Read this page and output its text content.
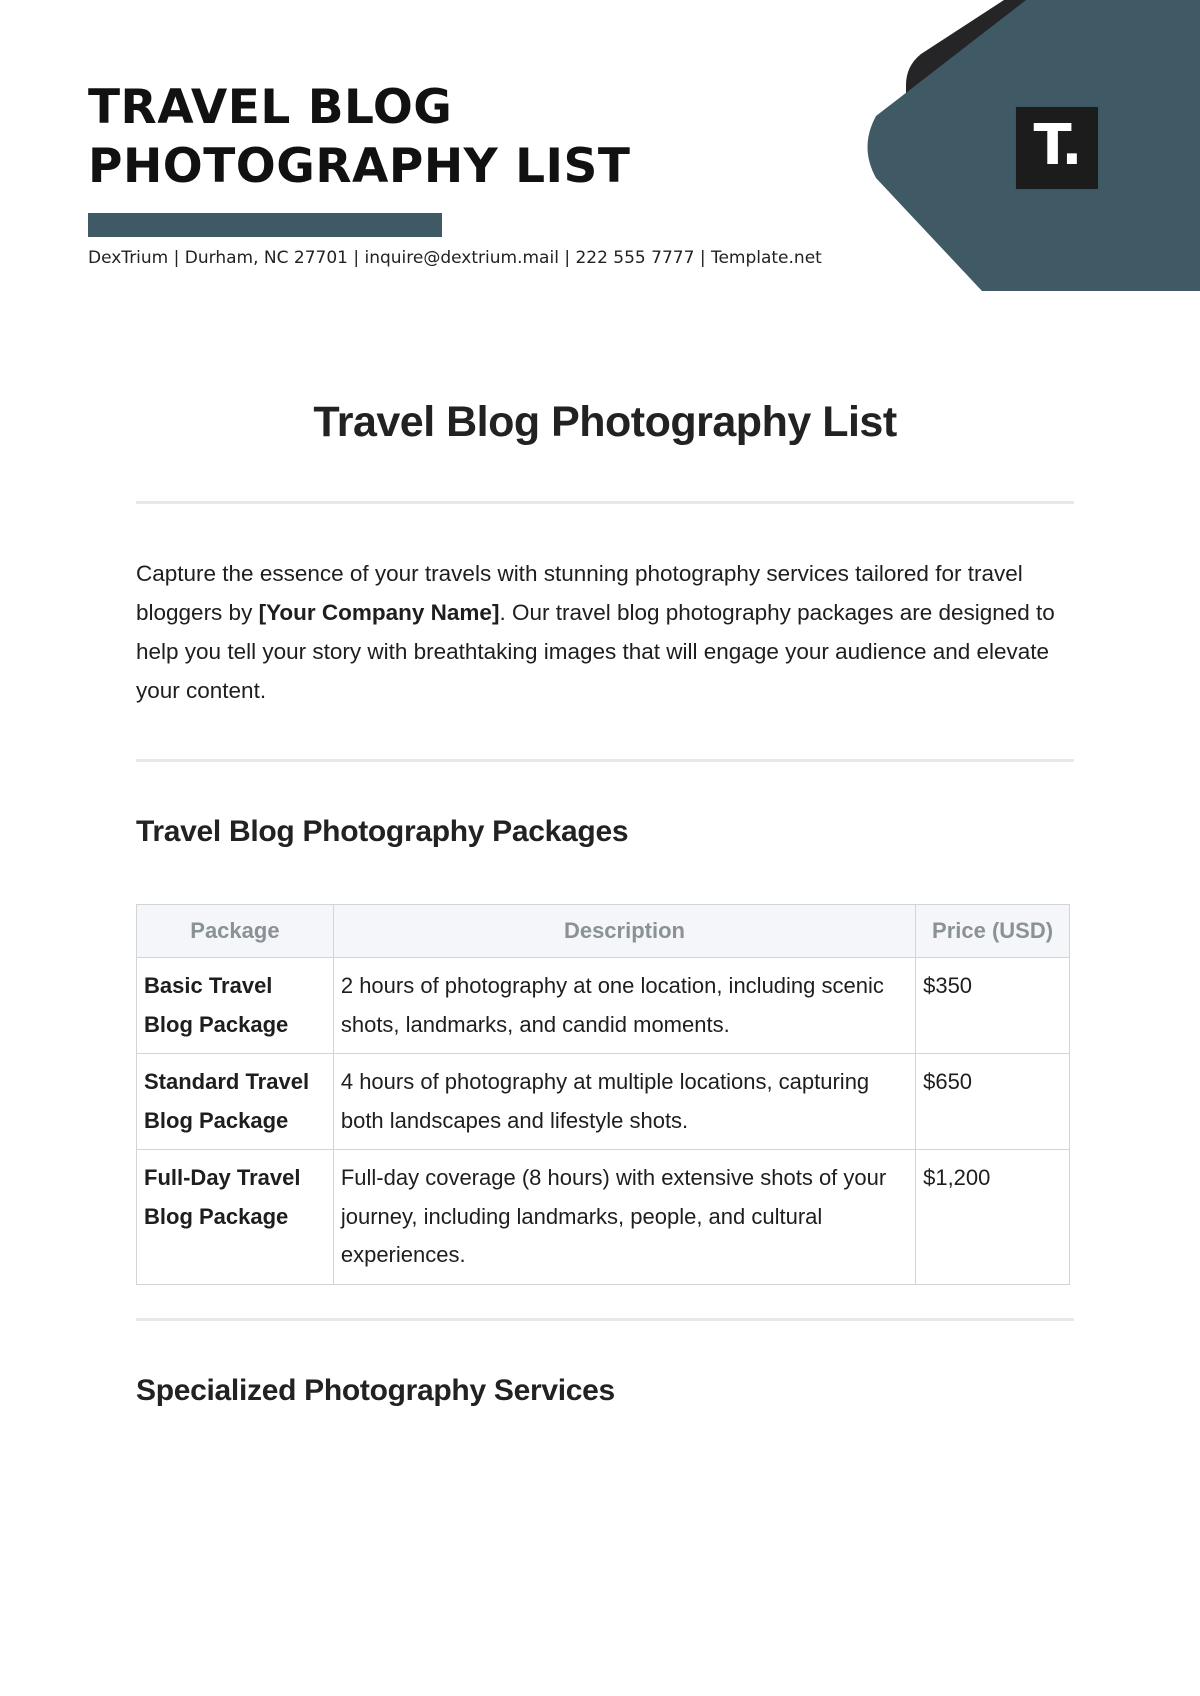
T.
TRAVEL BLOG
PHOTOGRAPHY LIST
DexTrium | Durham, NC 27701 | inquire@dextrium.mail | 222 555 7777 | Template.net
Travel Blog Photography List

Capture the essence of your travels with stunning photography services tailored for travel bloggers by [Your Company Name]. Our travel blog photography packages are designed to help you tell your story with breathtaking images that will engage your audience and elevate your content.

Travel Blog Photography Packages
Package	Description	Price (USD)
Basic Travel Blog Package	2 hours of photography at one location, including scenic shots, landmarks, and candid moments.	$350
Standard Travel Blog Package	4 hours of photography at multiple locations, capturing both landscapes and lifestyle shots.	$650
Full-Day Travel Blog Package	Full-day coverage (8 hours) with extensive shots of your journey, including landmarks, people, and cultural experiences.	$1,200
Specialized Photography Services
